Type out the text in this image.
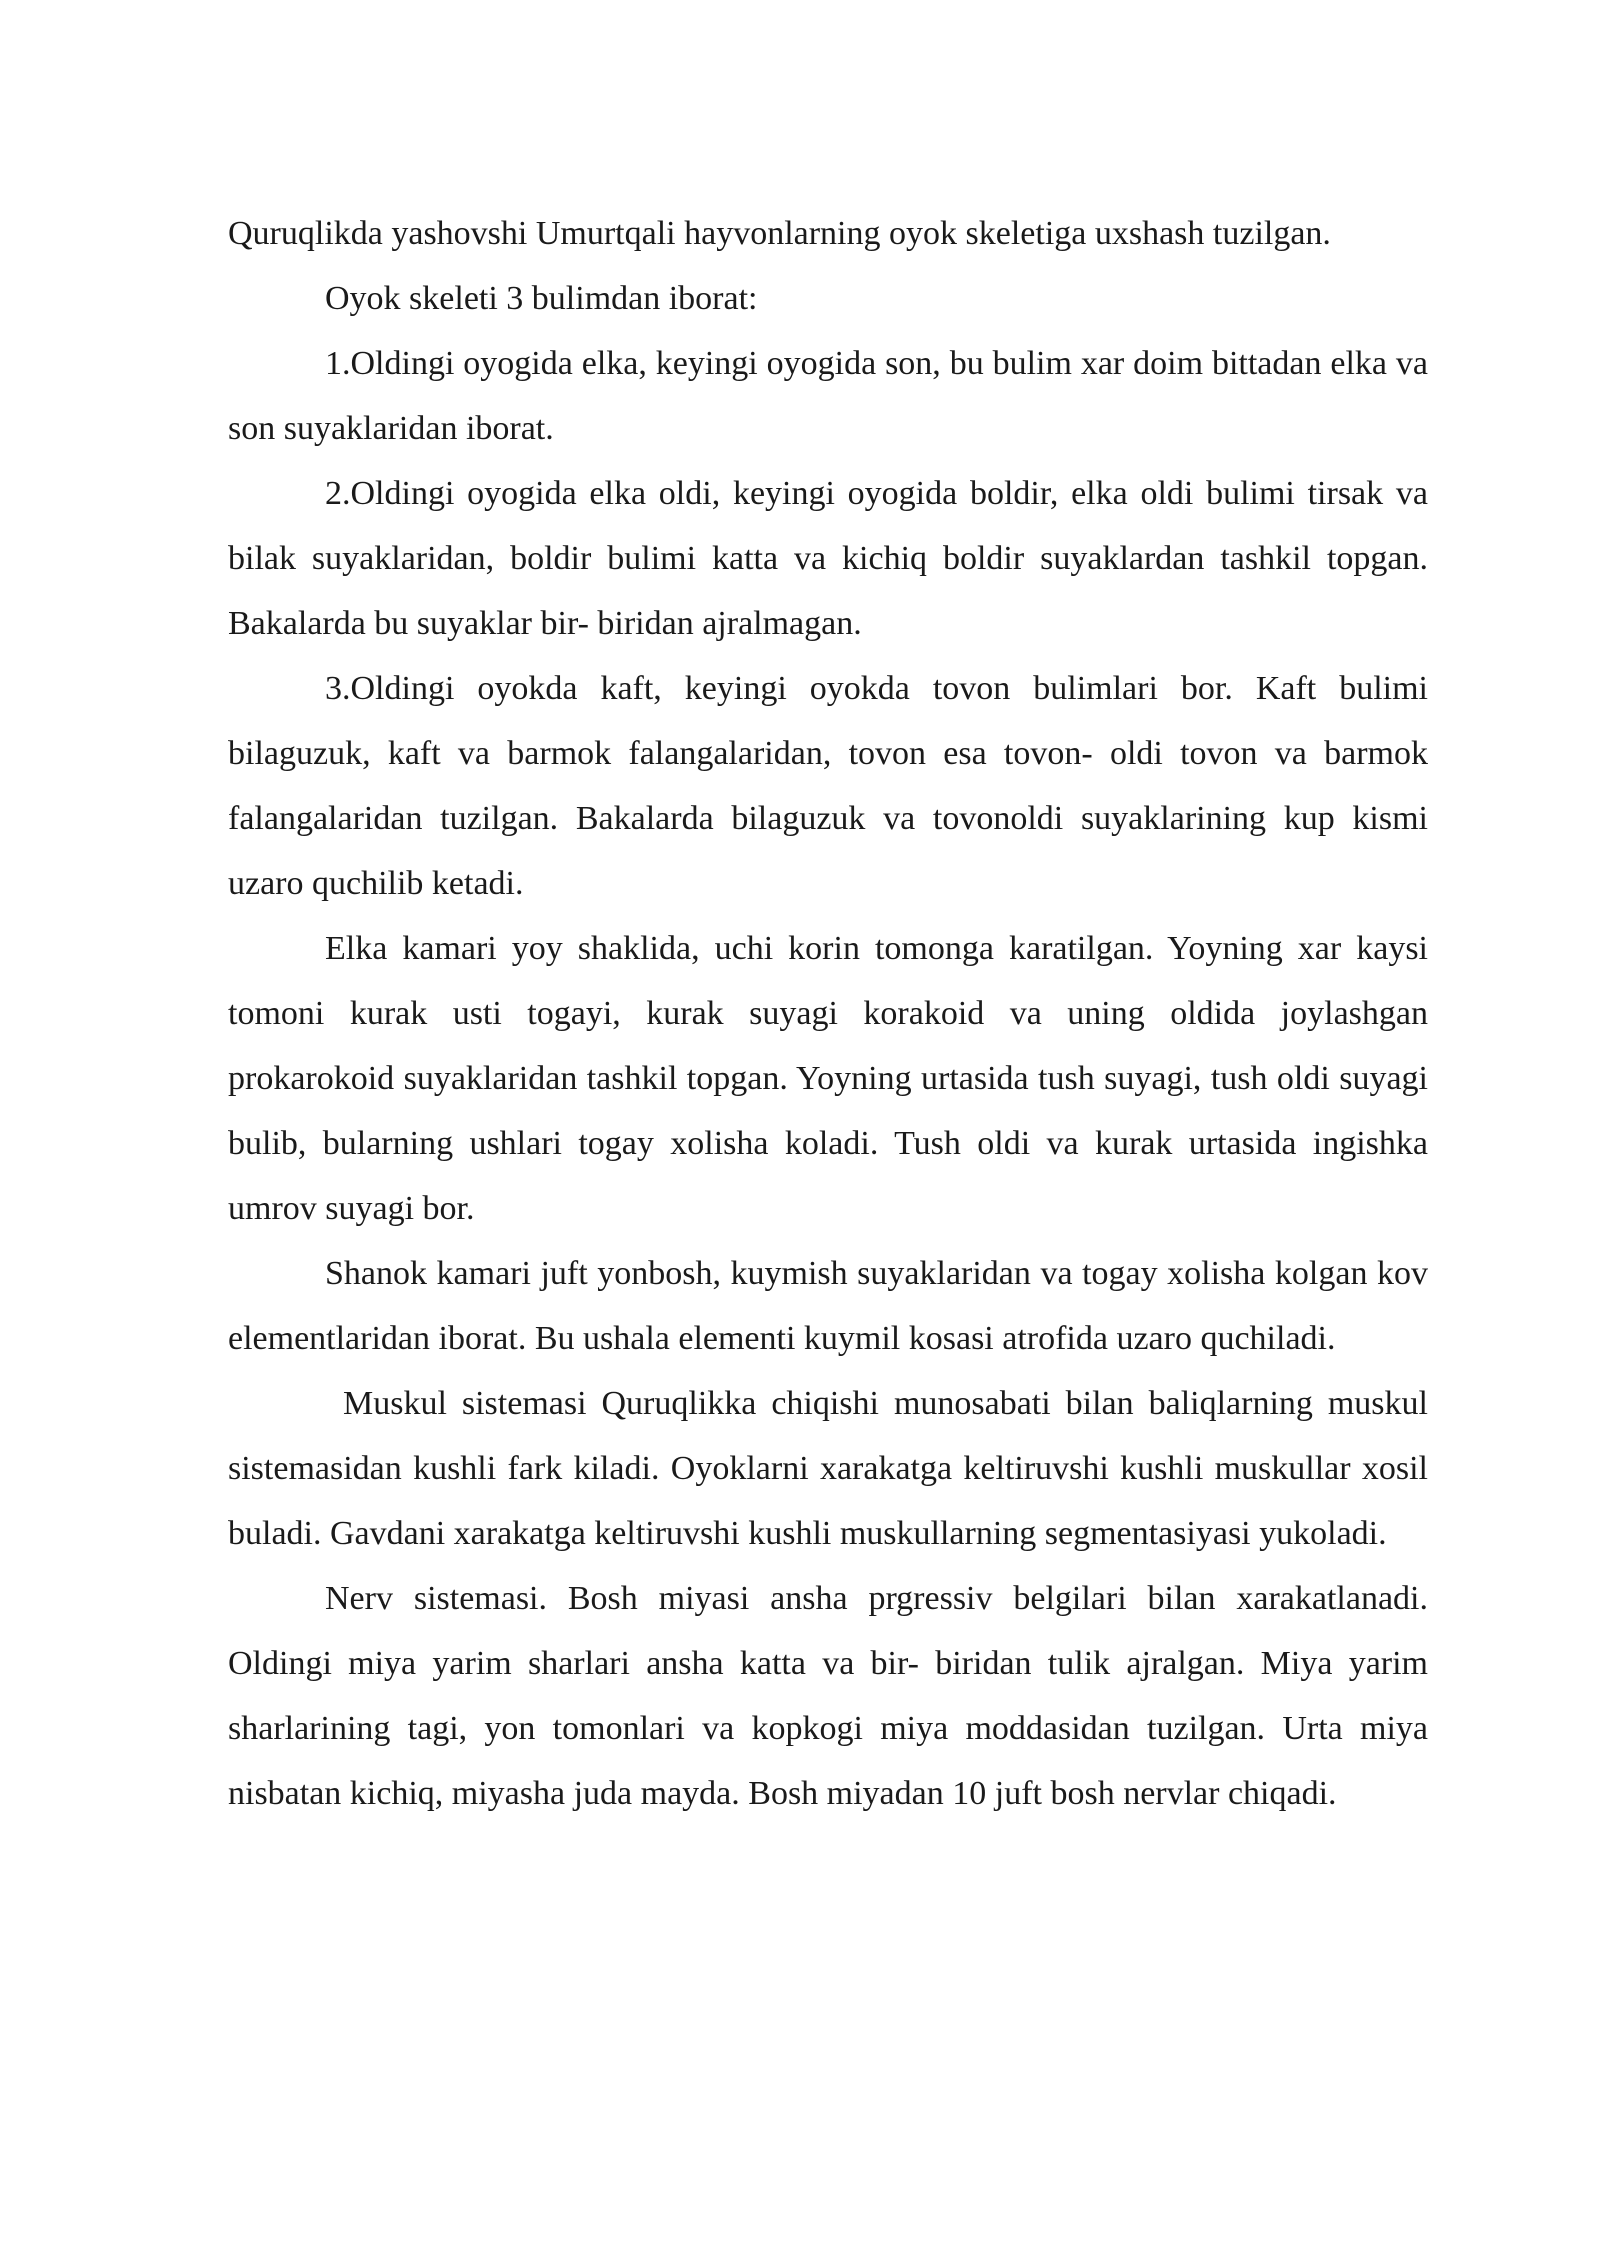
Quruqlikda yashovshi Umurtqali hayvonlarning oyok skeletiga uxshash tuzilgan.

Oyok skeleti 3 bulimdan iborat:

1.Oldingi oyogida elka, keyingi oyogida son, bu bulim xar doim bittadan elka va son suyaklaridan iborat.

2.Oldingi oyogida elka oldi, keyingi oyogida boldir, elka oldi bulimi tirsak va bilak suyaklaridan, boldir bulimi katta va kichiq boldir suyaklardan tashkil topgan. Bakalarda bu suyaklar bir- biridan ajralmagan.

3.Oldingi oyokda kaft, keyingi oyokda tovon bulimlari bor. Kaft bulimi bilaguzuk, kaft va barmok falangalaridan, tovon esa tovon- oldi tovon va barmok falangalaridan tuzilgan. Bakalarda bilaguzuk va tovonoldi suyaklarining kup kismi uzaro quchilib ketadi.

Elka kamari yoy shaklida, uchi korin tomonga karatilgan. Yoyning xar kaysi tomoni kurak usti togayi, kurak suyagi korakoid va uning oldida joylashgan prokarokoid suyaklaridan tashkil topgan. Yoyning urtasida tush suyagi, tush oldi suyagi bulib, bularning ushlari togay xolisha koladi. Tush oldi va kurak urtasida ingishka umrov suyagi bor.

Shanok kamari juft yonbosh, kuymish suyaklaridan va togay xolisha kolgan kov elementlaridan iborat. Bu ushala elementi kuymil kosasi atrofida uzaro quchiladi.

Muskul sistemasi Quruqlikka chiqishi munosabati bilan baliqlarning muskul sistemasidan kushli fark kiladi. Oyoklarni xarakatga keltiruvshi kushli muskullar xosil buladi. Gavdani xarakatga keltiruvshi kushli muskullarning segmentasiyasi yukoladi.

Nerv sistemasi. Bosh miyasi ansha prgressiv belgilari bilan xarakatlanadi. Oldingi miya yarim sharlari ansha katta va bir- biridan tulik ajralgan. Miya yarim sharlarining tagi, yon tomonlari va kopkogi miya moddasidan tuzilgan. Urta miya nisbatan kichiq, miyasha juda mayda. Bosh miyadan 10 juft bosh nervlar chiqadi.
